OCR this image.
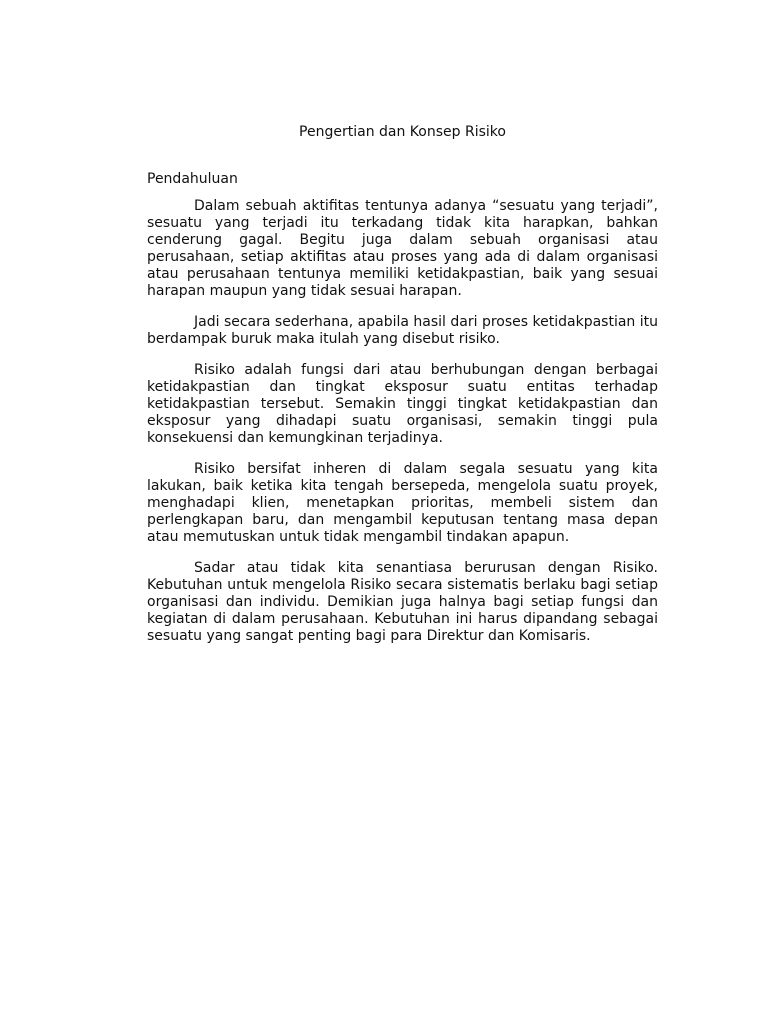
Pengertian dan Konsep Risiko
Pendahuluan

Dalam sebuah aktifitas tentunya adanya “sesuatu yang terjadi”, sesuatu yang terjadi itu terkadang tidak kita harapkan, bahkan cenderung gagal. Begitu juga dalam sebuah organisasi atau perusahaan, setiap aktifitas atau proses yang ada di dalam organisasi atau perusahaan tentunya memiliki ketidakpastian, baik yang sesuai harapan maupun yang tidak sesuai harapan.

Jadi secara sederhana, apabila hasil dari proses ketidakpastian itu berdampak buruk maka itulah yang disebut risiko.

Risiko adalah fungsi dari atau berhubungan dengan berbagai ketidakpastian dan tingkat eksposur suatu entitas terhadap ketidakpastian tersebut. Semakin tinggi tingkat ketidakpastian dan eksposur yang dihadapi suatu organisasi, semakin tinggi pula konsekuensi dan kemungkinan terjadinya.

Risiko bersifat inheren di dalam segala sesuatu yang kita lakukan, baik ketika kita tengah bersepeda, mengelola suatu proyek, menghadapi klien, menetapkan prioritas, membeli sistem dan perlengkapan baru, dan mengambil keputusan tentang masa depan atau memutuskan untuk tidak mengambil tindakan apapun.

Sadar atau tidak kita senantiasa berurusan dengan Risiko. Kebutuhan untuk mengelola Risiko secara sistematis berlaku bagi setiap organisasi dan individu. Demikian juga halnya bagi setiap fungsi dan kegiatan di dalam perusahaan. Kebutuhan ini harus dipandang sebagai sesuatu yang sangat penting bagi para Direktur dan Komisaris.
